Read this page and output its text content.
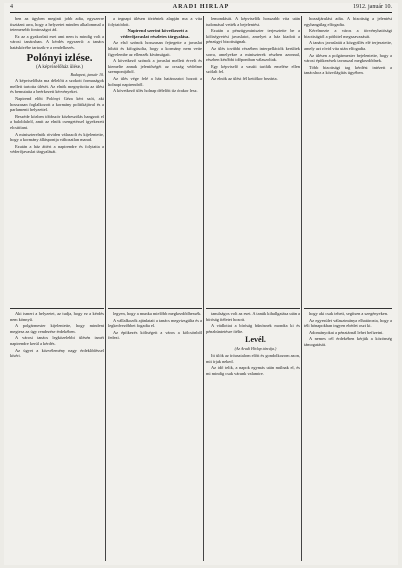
4	ARADI HIRLAP	1912. január 10.

ben az ügyben meginti jobb adta, egyszerre tisztázni arra, hogy a helyzetet minden alkalommal a tetemesebb fontosságot ád.

Ez az a gyakorlati eset ami nem is mindig volt a városi tanácsban. A kérdés egyszerű: a tanács hatáskörébe tartozik-e a rendelkezés.

Polónyi izlése.

(A képviselőház ülése.)

Budapest, január 10.

A képviselőház ma délelőtt a szokott formaságok mellett tartotta ülését. Az elnök megnyitotta az ülést és bemutatta a beérkezett kérvényeket.

Napirend előtt Polónyi Géza kért szót, aki hosszasan foglalkozott a kormány politikájával és a parlamenti helyzettel.

Beszéde közben többször közbeszólás hangzott el a baloldalról, amit az elnök csengetéssel igyekezett elcsitítani.

A miniszterelnök röviden válaszolt és kijelentette, hogy a kormány álláspontja változatlan marad.

Ezután a ház áttért a napirendre és folytatta a véderőjavaslat tárgyalását.

a tegnapi ülésen történtek alapján ma a vita folytatódott.

Napirend szerint következett a véderőjavaslat részletes tárgyalása.

Az első szónok hosszasan fejtegette a javaslat hibáit és kifogásolta, hogy a kormány nem vette figyelembe az ellenzék kívánságait.

A következő szónok a javaslat mellett érvelt és kiemelte annak jelentőségét az ország védelme szempontjából.

Az ülés vége felé a ház határozatot hozott a holnapi napirendről.

A következő ülés holnap délelőtt tíz órakor lesz.

lemondását. A képviselők hosszabb vita után tudomásul vették a bejelentést.

Ezután a pénzügyminiszter terjesztette be a költségvetési javaslatot, amelyet a ház kiadott a pénzügyi bizottságnak.

Az ülés további részében interpellációk kerültek sorra, amelyekre a miniszterek részben azonnal, részben későbbi időpontban válaszoltak.

Egy képviselő a vasúti tarifák emelése ellen szólalt fel.

Az elnök az ülést fél kettőkor bezárta.

hozzájárulást adta. A bizottság a jelentést egyhangúlag elfogadta.

Kérelmezte a város a törvényhatósági bizottságtól a póthitel megszavazását.

A tanács javaslatát a közgyűlés elé terjesztette, amely azt rövid vita után elfogadta.

Az ülésen a polgármester bejelentette, hogy a városi építkezések tavasszal megkezdődnek.

Több bizottsági tag kérdést intézett a tanácshoz a közvilágítás ügyében.

Aki ismeri a helyzetet, az tudja, hogy ez a kérdés nem könnyű.

A polgármester kijelentette, hogy mindent megtesz az ügy rendezése érdekében.

A városi tanács legközelebbi ülésén ismét napirendre kerül a kérdés.

Az ügyet a közvélemény nagy érdeklődéssel kíséri.

legyen, hogy a munka mielőbb megkezdődhessék.

A vállalkozók ajánlatait a tanács megvizsgálta és a legkedvezőbbet fogadta el.

Az építkezés költségeit a város a kölcsönből fedezi.

tanulságos volt az eset. A tanúk kihallgatása után a bíróság ítéletet hozott.

A vádlottat a bíróság bűnösnek mondta ki és pénzbüntetésre ítélte.

Levél.

(Az Aradi Hírlap tárcája.)

Itt ülök az íróasztalom előtt és gondolkozom azon, mit írjak neked.

Az idő telik, a napok egymás után múlnak el, és mi mindig csak várunk valamire.

hogy aki csak teheti, segítsen a szegényeken.

Az egyesület választmánya elhatározta, hogy a téli hónapokban ingyen ebédet oszt ki.

Adományokat a pénztárnál lehet befizetni.

A nemes cél érdekében kérjük a közönség támogatását.
